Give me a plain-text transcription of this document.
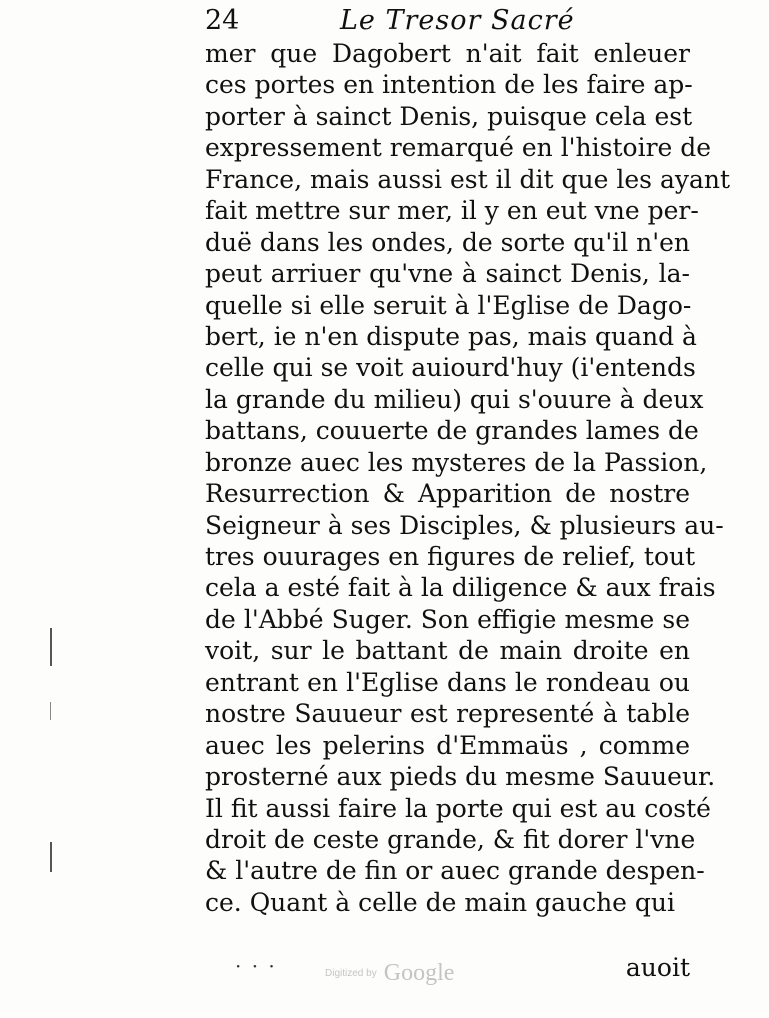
24	Le Tresor Sacré
mer que Dagobert n'ait fait enleuer
ces portes en intention de les faire ap-
porter à sainct Denis, puisque cela est
expressement remarqué en l'histoire de
France, mais aussi est il dit que les ayant
fait mettre sur mer, il y en eut vne per-
duë dans les ondes, de sorte qu'il n'en
peut arriuer qu'vne à sainct Denis, la-
quelle si elle seruit à l'Eglise de Dago-
bert, ie n'en dispute pas, mais quand à
celle qui se voit auiourd'huy (i'entends
la grande du milieu) qui s'ouure à deux
battans, couuerte de grandes lames de
bronze auec les mysteres de la Passion,
Resurrection & Apparition de nostre
Seigneur à ses Disciples, & plusieurs au-
tres ouurages en figures de relief, tout
cela a esté fait à la diligence & aux frais
de l'Abbé Suger. Son effigie mesme se
voit, sur le battant de main droite en
entrant en l'Eglise dans le rondeau ou
nostre Sauueur est representé à table
auec les pelerins d'Emmaüs , comme
prosterné aux pieds du mesme Sauueur.
Il fit aussi faire la porte qui est au costé
droit de ceste grande, & fit dorer l'vne
& l'autre de fin or auec grande despen-
ce. Quant à celle de main gauche qui
· · ·	auoit
Digitized by Google
